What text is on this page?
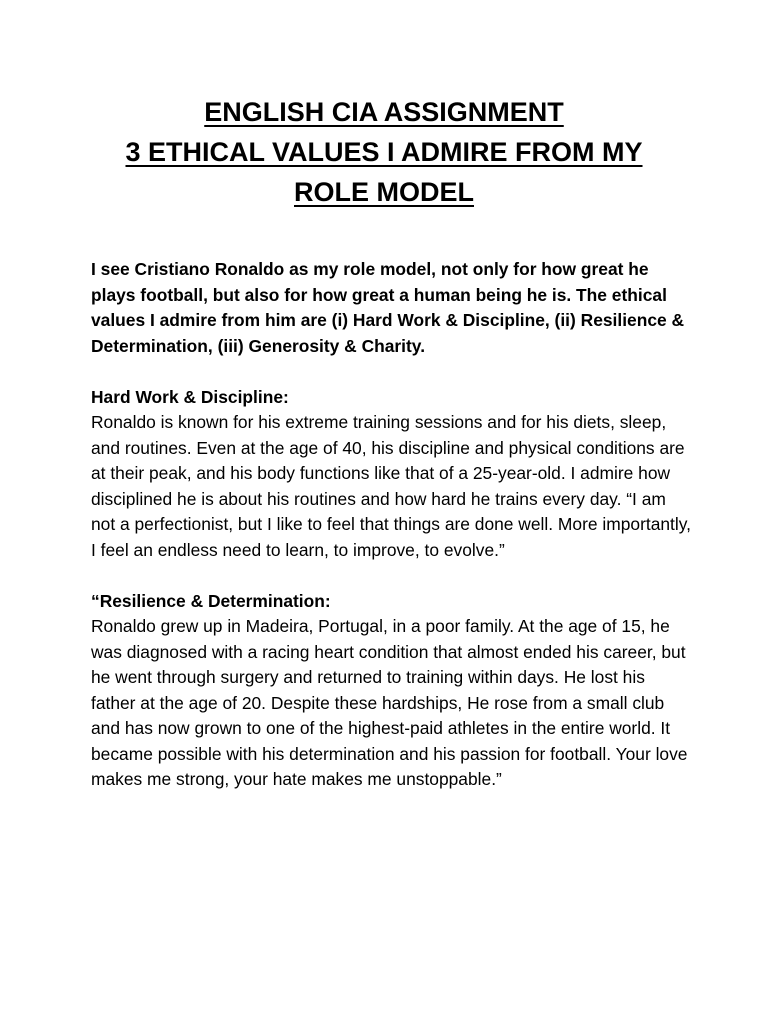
ENGLISH CIA ASSIGNMENT
3 ETHICAL VALUES I ADMIRE FROM MY
ROLE MODEL

I see Cristiano Ronaldo as my role model, not only for how great he plays football, but also for how great a human being he is. The ethical values I admire from him are (i) Hard Work & Discipline, (ii) Resilience & Determination, (iii) Generosity & Charity.

Hard Work & Discipline:

Ronaldo is known for his extreme training sessions and for his diets, sleep, and routines. Even at the age of 40, his discipline and physical conditions are at their peak, and his body functions like that of a 25-year-old. I admire how disciplined he is about his routines and how hard he trains every day. “I am not a perfectionist, but I like to feel that things are done well. More importantly, I feel an endless need to learn, to improve, to evolve.”

“Resilience & Determination:

Ronaldo grew up in Madeira, Portugal, in a poor family. At the age of 15, he was diagnosed with a racing heart condition that almost ended his career, but he went through surgery and returned to training within days. He lost his father at the age of 20. Despite these hardships, He rose from a small club and has now grown to one of the highest-paid athletes in the entire world. It became possible with his determination and his passion for football. Your love makes me strong, your hate makes me unstoppable.”
